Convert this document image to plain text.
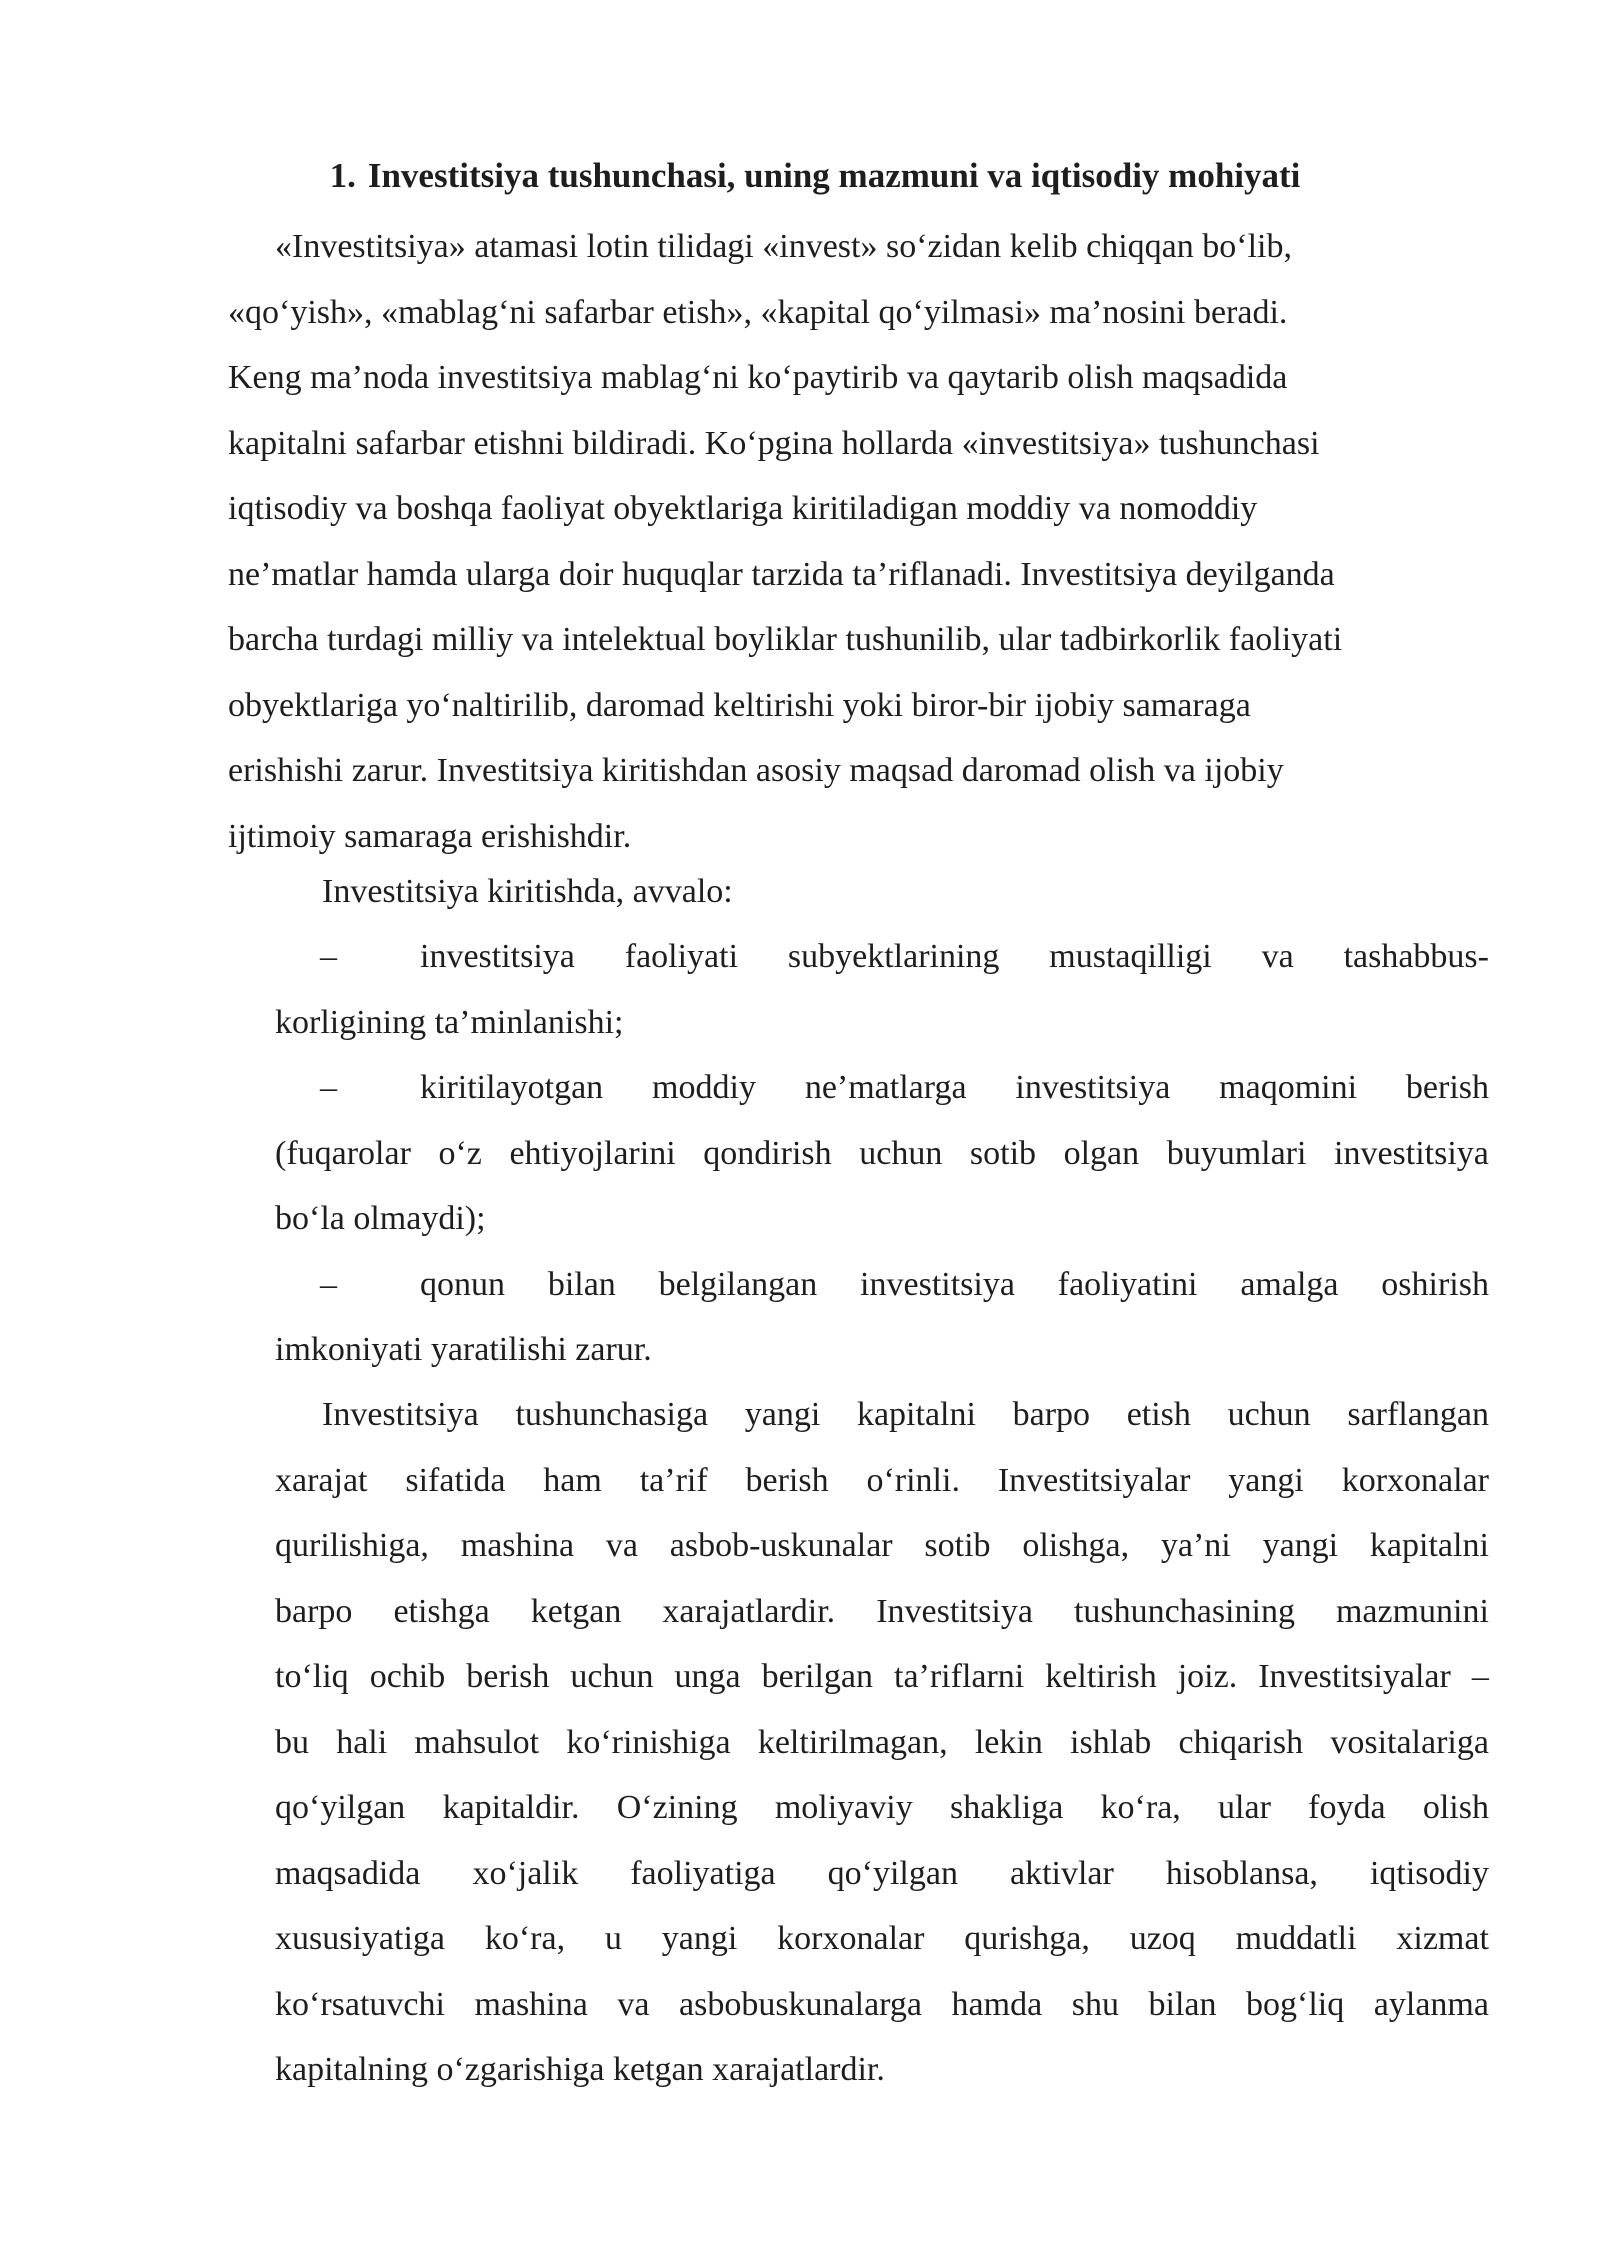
1. Investitsiya tushunchasi, uning mazmuni va iqtisodiy mohiyati
«Investitsiya» atamasi lotin tilidagi «invest» so‘zidan kelib chiqqan bo‘lib,
«qo‘yish», «mablag‘ni safarbar etish», «kapital qo‘yilmasi» ma’nosini beradi.
Keng ma’noda investitsiya mablag‘ni ko‘paytirib va qaytarib olish maqsadida
kapitalni safarbar etishni bildiradi. Ko‘pgina hollarda «investitsiya» tushunchasi
iqtisodiy va boshqa faoliyat obyektlariga kiritiladigan moddiy va nomoddiy
ne’matlar hamda ularga doir huquqlar tarzida ta’riflanadi. Investitsiya deyilganda
barcha turdagi milliy va intelektual boyliklar tushunilib, ular tadbirkorlik faoliyati
obyektlariga yo‘naltirilib, daromad keltirishi yoki biror-bir ijobiy samaraga
erishishi zarur. Investitsiya kiritishdan asosiy maqsad daromad olish va ijobiy
ijtimoiy samaraga erishishdir.

Investitsiya kiritishda, avvalo:

–	investitsiya faoliyati subyektlarining mustaqilligi va tashabbus-
korligining ta’minlanishi;
–	kiritilayotgan moddiy ne’matlarga investitsiya maqomini berish
(fuqarolar o‘z ehtiyojlarini qondirish uchun sotib olgan buyumlari investitsiya
bo‘la olmaydi);
–	qonun bilan belgilangan investitsiya faoliyatini amalga oshirish
imkoniyati yaratilishi zarur.
Investitsiya tushunchasiga yangi kapitalni barpo etish uchun sarflangan
xarajat sifatida ham ta’rif berish o‘rinli. Investitsiyalar yangi korxonalar
qurilishiga, mashina va asbob-uskunalar sotib olishga, ya’ni yangi kapitalni
barpo etishga ketgan xarajatlardir. Investitsiya tushunchasining mazmunini
to‘liq ochib berish uchun unga berilgan ta’riflarni keltirish joiz. Investitsiyalar –
bu hali mahsulot ko‘rinishiga keltirilmagan, lekin ishlab chiqarish vositalariga
qo‘yilgan kapitaldir. O‘zining moliyaviy shakliga ko‘ra, ular foyda olish
maqsadida xo‘jalik faoliyatiga qo‘yilgan aktivlar hisoblansa, iqtisodiy
xususiyatiga ko‘ra, u yangi korxonalar qurishga, uzoq muddatli xizmat
ko‘rsatuvchi mashina va asbobuskunalarga hamda shu bilan bog‘liq aylanma
kapitalning o‘zgarishiga ketgan xarajatlardir.
